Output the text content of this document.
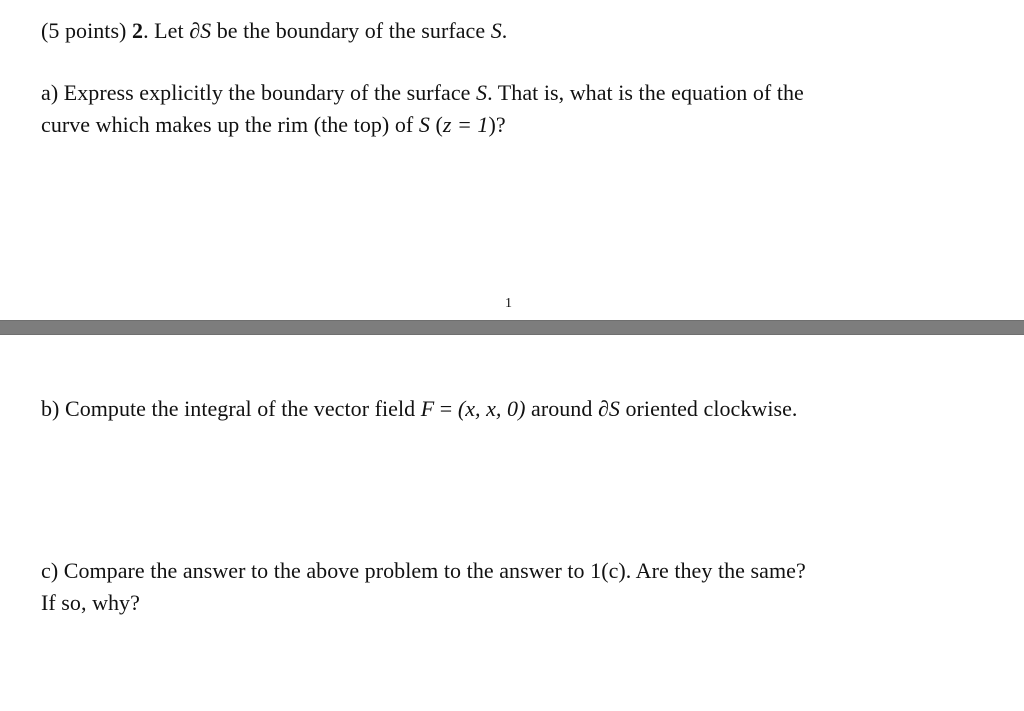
(5 points) 2. Let ∂S be the boundary of the surface S.
a) Express explicitly the boundary of the surface S. That is, what is the equation of the
curve which makes up the rim (the top) of S (z = 1)?
1
b) Compute the integral of the vector field F = (x, x, 0) around ∂S oriented clockwise.
c) Compare the answer to the above problem to the answer to 1(c). Are they the same?
If so, why?
